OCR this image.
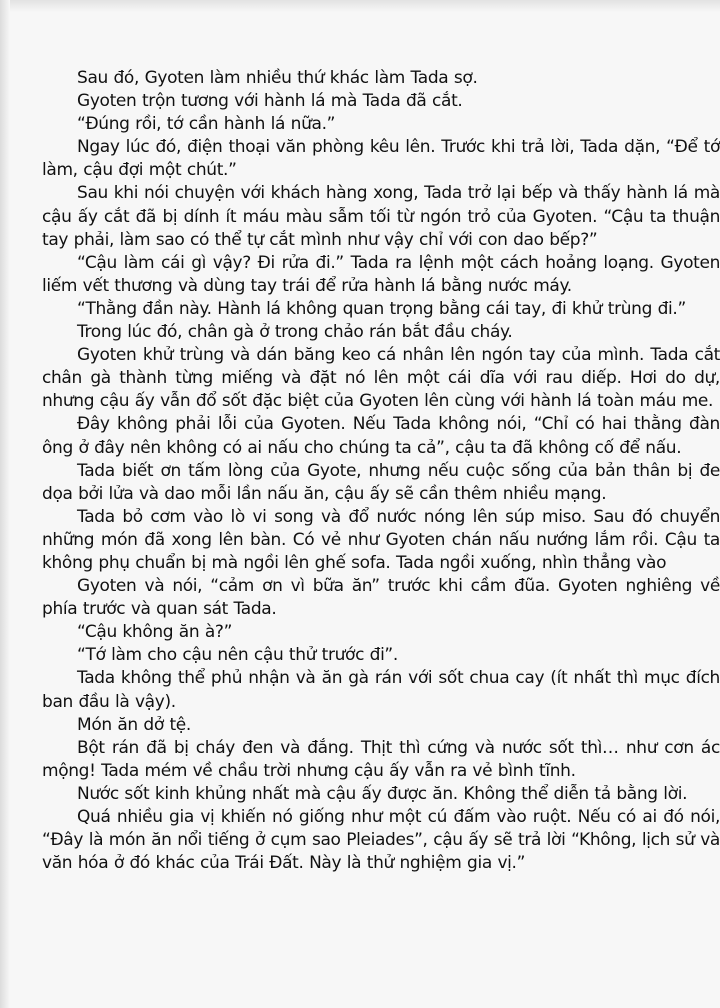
Sau đó, Gyoten làm nhiều thứ khác làm Tada sợ.

Gyoten trộn tương với hành lá mà Tada đã cắt.

“Đúng rồi, tớ cần hành lá nữa.”

Ngay lúc đó, điện thoại văn phòng kêu lên. Trước khi trả lời, Tada dặn, “Để tớ làm, cậu đợi một chút.”

Sau khi nói chuyện với khách hàng xong, Tada trở lại bếp và thấy hành lá mà cậu ấy cắt đã bị dính ít máu màu sẫm tối từ ngón trỏ của Gyoten. “Cậu ta thuận tay phải, làm sao có thể tự cắt mình như vậy chỉ với con dao bếp?”

“Cậu làm cái gì vậy? Đi rửa đi.” Tada ra lệnh một cách hoảng loạng. Gyoten liếm vết thương và dùng tay trái để rửa hành lá bằng nước máy.

“Thằng đần này. Hành lá không quan trọng bằng cái tay, đi khử trùng đi.”

Trong lúc đó, chân gà ở trong chảo rán bắt đầu cháy.

Gyoten khử trùng và dán băng keo cá nhân lên ngón tay của mình. Tada cắt chân gà thành từng miếng và đặt nó lên một cái dĩa với rau diếp. Hơi do dự, nhưng cậu ấy vẫn đổ sốt đặc biệt của Gyoten lên cùng với hành lá toàn máu me.

Đây không phải lỗi của Gyoten. Nếu Tada không nói, “Chỉ có hai thằng đàn ông ở đây nên không có ai nấu cho chúng ta cả”, cậu ta đã không cố để nấu.

Tada biết ơn tấm lòng của Gyote, nhưng nếu cuộc sống của bản thân bị đe dọa bởi lửa và dao mỗi lần nấu ăn, cậu ấy sẽ cần thêm nhiều mạng.

Tada bỏ cơm vào lò vi song và đổ nước nóng lên súp miso. Sau đó chuyển những món đã xong lên bàn. Có vẻ như Gyoten chán nấu nướng lắm rồi. Cậu ta không phụ chuẩn bị mà ngồi lên ghế sofa. Tada ngồi xuống, nhìn thẳng vào

Gyoten và nói, “cảm ơn vì bữa ăn” trước khi cầm đũa. Gyoten nghiêng về phía trước và quan sát Tada.

“Cậu không ăn à?”

“Tớ làm cho cậu nên cậu thử trước đi”.

Tada không thể phủ nhận và ăn gà rán với sốt chua cay (ít nhất thì mục đích ban đầu là vậy).

Món ăn dở tệ.

Bột rán đã bị cháy đen và đắng. Thịt thì cứng và nước sốt thì… như cơn ác mộng! Tada mém về chầu trời nhưng cậu ấy vẫn ra vẻ bình tĩnh.

Nước sốt kinh khủng nhất mà cậu ấy được ăn. Không thể diễn tả bằng lời.

Quá nhiều gia vị khiến nó giống như một cú đấm vào ruột. Nếu có ai đó nói, “Đây là món ăn nổi tiếng ở cụm sao Pleiades”, cậu ấy sẽ trả lời “Không, lịch sử và văn hóa ở đó khác của Trái Đất. Này là thử nghiệm gia vị.”
